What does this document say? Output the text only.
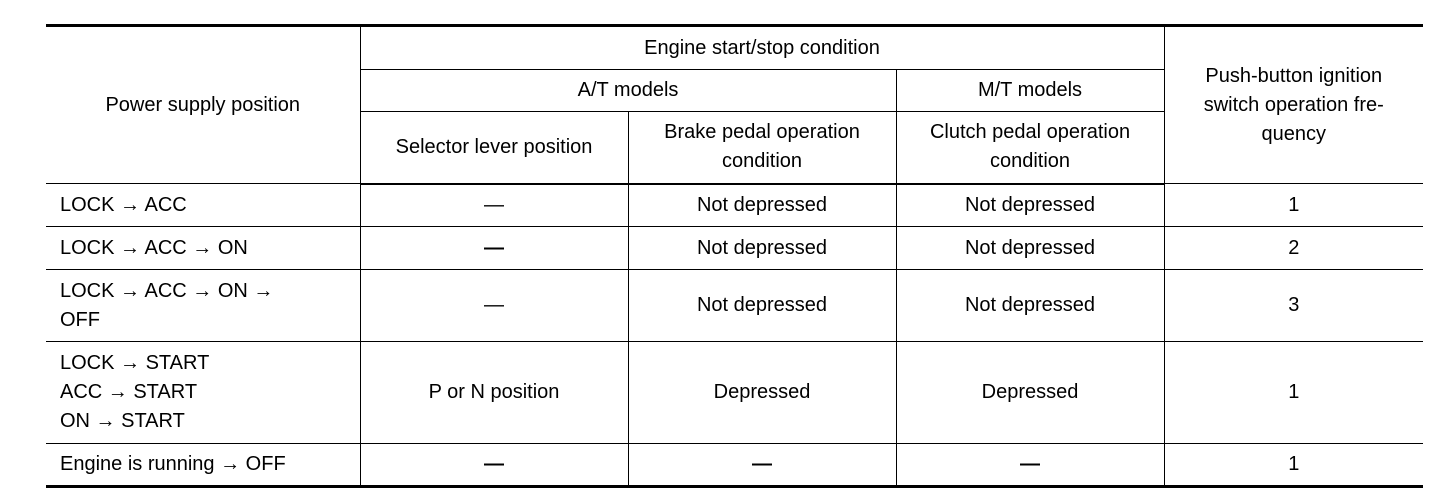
Power supply position	Engine start/stop condition			Push-button ignition
switch operation fre-
quency

	A/T models		M/T models	
	Selector lever position	Brake pedal operation condition	Clutch pedal operation condition	

LOCK → ACC	—	Not depressed	Not depressed	1

LOCK → ACC → ON	—	Not depressed	Not depressed	2

LOCK → ACC → ON →
OFF	—	Not depressed	Not depressed	3

LOCK → START
ACC → START
ON → START	P or N position	Depressed	Depressed	1

Engine is running → OFF	—	—	—	1
